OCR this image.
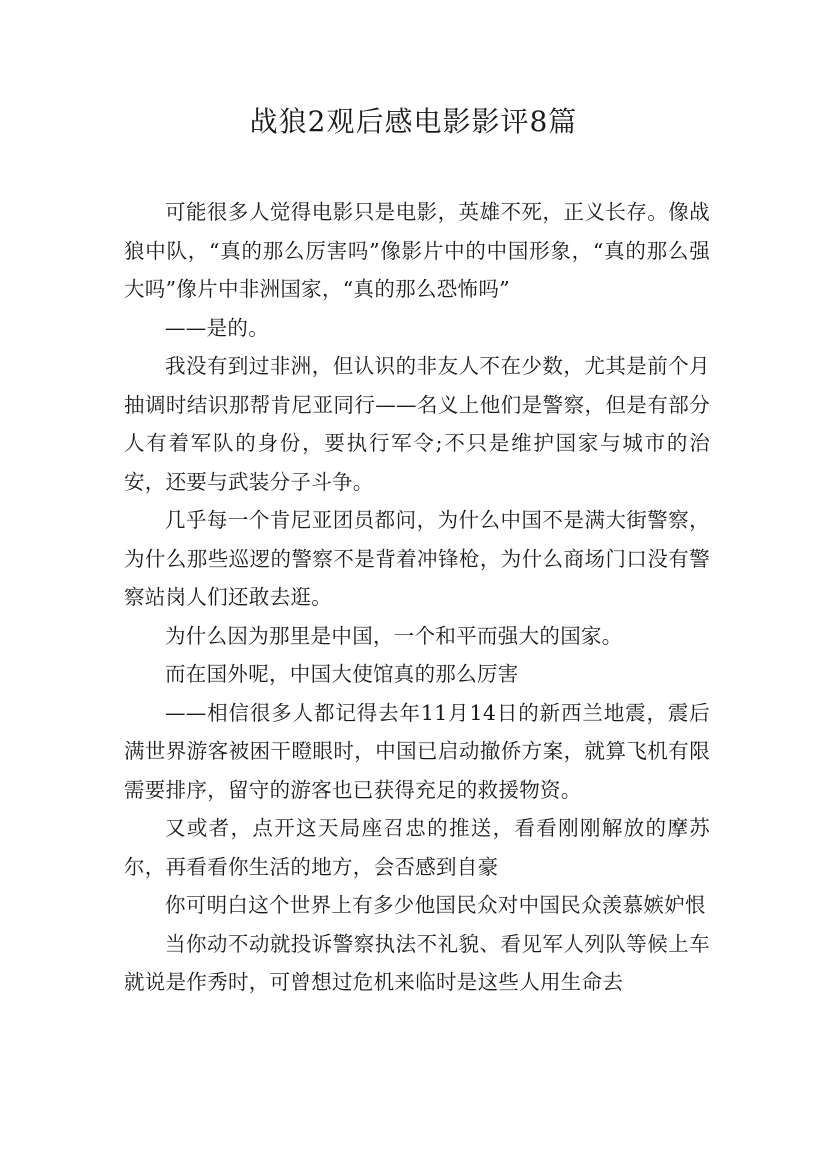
战狼2观后感电影影评8篇

可能很多人觉得电影只是电影，英雄不死，正义长存。像战狼中队，“真的那么厉害吗”像影片中的中国形象，“真的那么强大吗”像片中非洲国家，“真的那么恐怖吗”

——是的。

我没有到过非洲，但认识的非友人不在少数，尤其是前个月抽调时结识那帮肯尼亚同行——名义上他们是警察，但是有部分人有着军队的身份，要执行军令;不只是维护国家与城市的治安，还要与武装分子斗争。

几乎每一个肯尼亚团员都问，为什么中国不是满大街警察，为什么那些巡逻的警察不是背着冲锋枪，为什么商场门口没有警察站岗人们还敢去逛。

为什么因为那里是中国，一个和平而强大的国家。

而在国外呢，中国大使馆真的那么厉害

——相信很多人都记得去年11月14日的新西兰地震，震后满世界游客被困干瞪眼时，中国已启动撤侨方案，就算飞机有限需要排序，留守的游客也已获得充足的救援物资。

又或者，点开这天局座召忠的推送，看看刚刚解放的摩苏尔，再看看你生活的地方，会否感到自豪

你可明白这个世界上有多少他国民众对中国民众羡慕嫉妒恨

当你动不动就投诉警察执法不礼貌、看见军人列队等候上车就说是作秀时，可曾想过危机来临时是这些人用生命去
